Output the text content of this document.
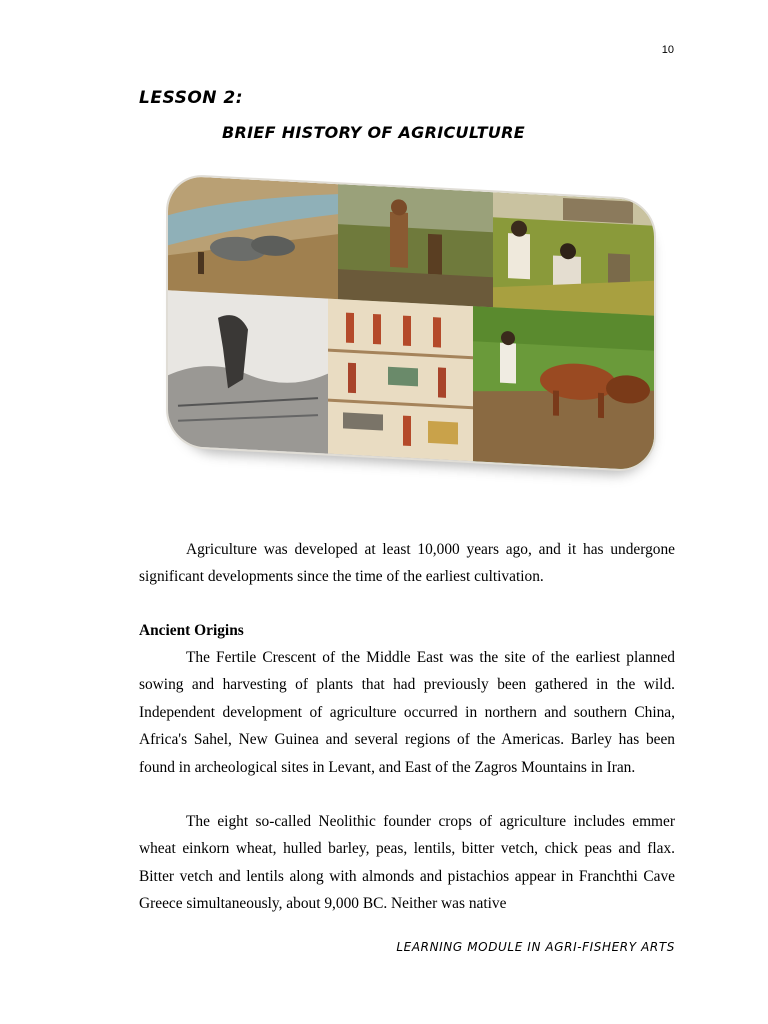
10
LESSON 2:
BRIEF HISTORY OF AGRICULTURE
Agriculture was developed at least 10,000 years ago, and it has undergone significant developments since the time of the earliest cultivation.
Ancient Origins
The Fertile Crescent of the Middle East was the site of the earliest planned sowing and harvesting of plants that had previously been gathered in the wild. Independent development of agriculture occurred in northern and southern China, Africa's Sahel, New Guinea and several regions of the Americas. Barley has been found in archeological sites in Levant, and East of the Zagros Mountains in Iran.
The eight so-called Neolithic founder crops of agriculture includes emmer wheat einkorn wheat, hulled barley, peas, lentils, bitter vetch, chick peas and flax. Bitter vetch and lentils along with almonds and pistachios appear in Franchthi Cave Greece simultaneously, about 9,000 BC. Neither was native
LEARNING MODULE IN AGRI-FISHERY ARTS
